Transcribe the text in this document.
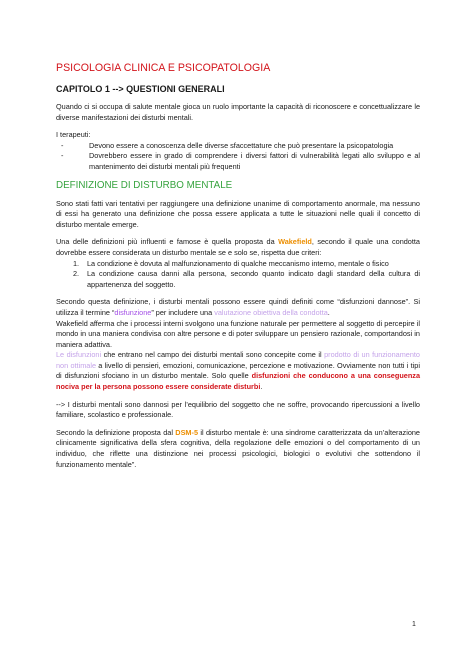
PSICOLOGIA CLINICA E PSICOPATOLOGIA
CAPITOLO 1 --> QUESTIONI GENERALI

Quando ci si occupa di salute mentale gioca un ruolo importante la capacità di riconoscere e concettualizzare le diverse manifestazioni dei disturbi mentali.

I terapeuti:

-	Devono essere a conoscenza delle diverse sfaccettature che può presentare la psicopatologia
-	Dovrebbero essere in grado di comprendere i diversi fattori di vulnerabilità legati allo sviluppo e al mantenimento dei disturbi mentali più frequenti
DEFINIZIONE DI DISTURBO MENTALE

Sono stati fatti vari tentativi per raggiungere una definizione unanime di comportamento anormale, ma nessuno di essi ha generato una definizione che possa essere applicata a tutte le situazioni nelle quali il concetto di disturbo mentale emerge.

Una delle definizioni più influenti e famose è quella proposta da Wakefield, secondo il quale una condotta dovrebbe essere considerata un disturbo mentale se e solo se, rispetta due criteri:

1. La condizione è dovuta al malfunzionamento di qualche meccanismo interno, mentale o fisico
2. La condizione causa danni alla persona, secondo quanto indicato dagli standard della cultura di appartenenza del soggetto.

Secondo questa definizione, i disturbi mentali possono essere quindi definiti come “disfunzioni dannose”. Si utilizza il termine “disfunzione” per includere una valutazione obiettiva della condotta.

Wakefield afferma che i processi interni svolgono una funzione naturale per permettere al soggetto di percepire il mondo in una maniera condivisa con altre persone e di poter sviluppare un pensiero razionale, comportandosi in maniera adattiva.

Le disfunzioni che entrano nel campo dei disturbi mentali sono concepite come il prodotto di un funzionamento non ottimale a livello di pensieri, emozioni, comunicazione, percezione e motivazione. Ovviamente non tutti i tipi di disfunzioni sfociano in un disturbo mentale. Solo quelle disfunzioni che conducono a una conseguenza nociva per la persona possono essere considerate disturbi.

--> I disturbi mentali sono dannosi per l’equilibrio del soggetto che ne soffre, provocando ripercussioni a livello familiare, scolastico e professionale.

Secondo la definizione proposta dal DSM-5 il disturbo mentale è: una sindrome caratterizzata da un’alterazione clinicamente significativa della sfera cognitiva, della regolazione delle emozioni o del comportamento di un individuo, che riflette una distinzione nei processi psicologici, biologici o evolutivi che sottendono il funzionamento mentale”.

1
